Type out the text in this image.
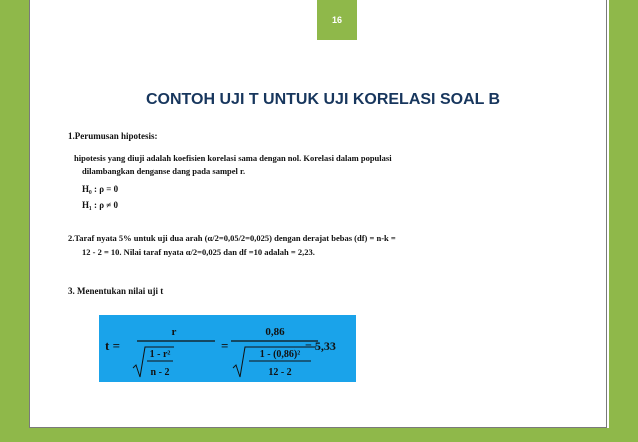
16
CONTOH UJI T UNTUK UJI KORELASI SOAL B
1.Perumusan hipotesis:
hipotesis yang diuji adalah koefisien korelasi sama dengan nol. Korelasi dalam populasi
dilambangkan denganse dang pada sampel r.
H₀ : ρ = 0
H₁ : ρ ≠ 0
2.Taraf nyata 5% untuk uji dua arah (α/2=0,05/2=0,025) dengan derajat bebas (df) = n-k =
12 - 2 = 10. Nilai taraf nyata α/2=0,025 dan df =10 adalah = 2,23.
3. Menentukan nilai uji t
t =
r
1 - r²
n - 2
=
0,86
1 - (0,86)²
12 - 2
= 5,33
